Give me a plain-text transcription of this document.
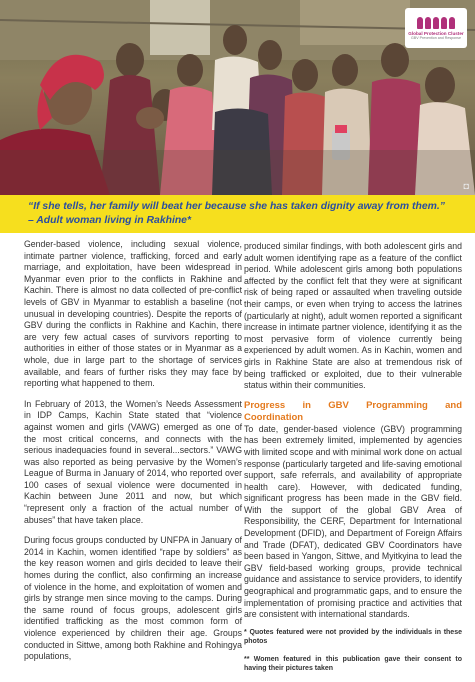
Global Protection Cluster
GBV Prevention and Response
◘
“If she tells, her family will beat her because she has taken dignity away from them.”
– Adult woman living in Rakhine*

Gender-based violence, including sexual violence, intimate partner violence, trafficking, forced and early marriage, and exploitation, have been widespread in Myanmar even prior to the conflicts in Rakhine and Kachin. There is almost no data collected of pre-conflict levels of GBV in Myanmar to establish a baseline (not unusual in developing countries). Despite the reports of GBV during the conflicts in Rakhine and Kachin, there are very few actual cases of survivors reporting to authorities in either of those states or in Myanmar as a whole, due in large part to the shortage of services available, and fears of further risks they may face by reporting what happened to them.

In February of 2013, the Women’s Needs Assessment in IDP Camps, Kachin State stated that “violence against women and girls (VAWG) emerged as one of the most critical concerns, and connects with the serious inadequacies found in several...sectors.” VAWG was also reported as being pervasive by the Women’s League of Burma in January of 2014, who reported over 100 cases of sexual violence were documented in Kachin between June 2011 and now, but which “represent only a fraction of the actual number of abuses” that have taken place.

During focus groups conducted by UNFPA in January of 2014 in Kachin, women identified “rape by soldiers” as the key reason women and girls decided to leave their homes during the conflict, also confirming an increase of violence in the home, and exploitation of women and girls by strange men since moving to the camps. During the same round of focus groups, adolescent girls identified trafficking as the most common form of violence experienced by children their age. Groups conducted in Sittwe, among both Rakhine and Rohingya populations,

produced similar findings, with both adolescent girls and adult women identifying rape as a feature of the conflict period. While adolescent girls among both populations affected by the conflict felt that they were at significant risk of being raped or assaulted when traveling outside their camps, or even when trying to access the latrines (particularly at night), adult women reported a significant increase in intimate partner violence, identifying it as the most pervasive form of violence currently being experienced by adult women. As in Kachin, women and girls in Rakhine State are also at tremendous risk of being trafficked or exploited, due to their vulnerable status within their communities.

Progress in GBV Programming and Coordination

To date, gender-based violence (GBV) programming has been extremely limited, implemented by agencies with limited scope and with minimal work done on actual response (particularly targeted and life-saving emotional support, safe referrals, and availability of appropriate health care). However, with dedicated funding, significant progress has been made in the GBV field. With the support of the global GBV Area of Responsibility, the CERF, Department for International Development (DFID), and Department of Foreign Affairs and Trade (DFAT), dedicated GBV Coordinators have been based in Yangon, Sittwe, and Myitkyina to lead the GBV field-based working groups, provide technical guidance and assistance to service providers, to identify geographical and programmatic gaps, and to ensure the implementation of promising practice and activities that are consistent with international standards.

* Quotes featured were not provided by the individuals in these photos

** Women featured in this publication gave their consent to having their pictures taken
